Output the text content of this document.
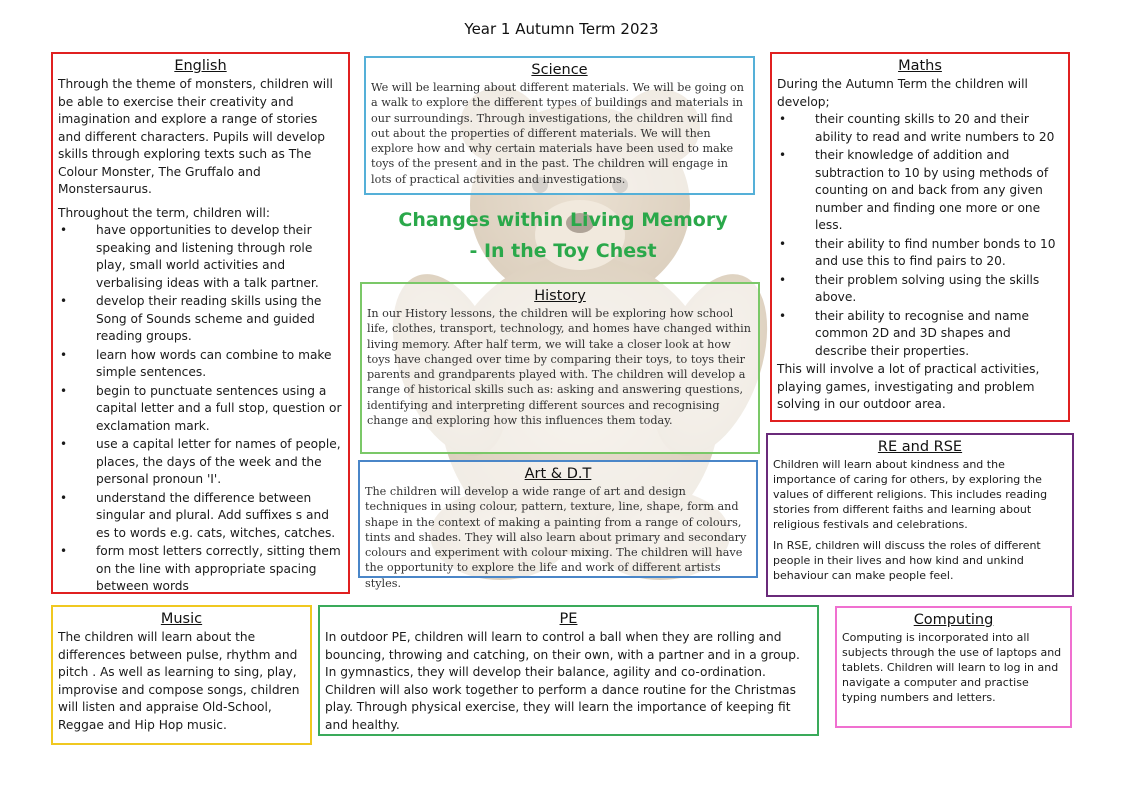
Year 1 Autumn Term 2023
English
Through the theme of monsters, children will be able to exercise their creativity and imagination and explore a range of stories and different characters. Pupils will develop skills through exploring texts such as The Colour Monster, The Gruffalo and Monstersaurus.
Throughout the term, children will:
• have opportunities to develop their speaking and listening through role play, small world activities and verbalising ideas with a talk partner.
• develop their reading skills using the Song of Sounds scheme and guided reading groups.
• learn how words can combine to make simple sentences.
• begin to punctuate sentences using a capital letter and a full stop, question or exclamation mark.
• use a capital letter for names of people, places, the days of the week and the personal pronoun 'I'.
• understand the difference between singular and plural. Add suffixes s and es to words e.g. cats, witches, catches.
• form most letters correctly, sitting them on the line with appropriate spacing between words
Science
We will be learning about different materials. We will be going on a walk to explore the different types of buildings and materials in our surroundings. Through investigations, the children will find out about the properties of different materials. We will then explore how and why certain materials have been used to make toys of the present and in the past. The children will engage in lots of practical activities and investigations.
Changes within Living Memory
- In the Toy Chest
Maths
During the Autumn Term the children will develop;
• their counting skills to 20 and their ability to read and write numbers to 20
• their knowledge of addition and subtraction to 10 by using methods of counting on and back from any given number and finding one more or one less.
• their ability to find number bonds to 10 and use this to find pairs to 20.
• their problem solving using the skills above.
• their ability to recognise and name common 2D and 3D shapes and describe their properties.
This will involve a lot of practical activities, playing games, investigating and problem solving in our outdoor area.
History
In our History lessons, the children will be exploring how school life, clothes, transport, technology, and homes have changed within living memory. After half term, we will take a closer look at how toys have changed over time by comparing their toys, to toys their parents and grandparents played with. The children will develop a range of historical skills such as: asking and answering questions, identifying and interpreting different sources and recognising change and exploring how this influences them today.
Art & D.T
The children will develop a wide range of art and design techniques in using colour, pattern, texture, line, shape, form and shape in the context of making a painting from a range of colours, tints and shades. They will also learn about primary and secondary colours and experiment with colour mixing. The children will have the opportunity to explore the life and work of different artists styles.
RE and RSE
Children will learn about kindness and the importance of caring for others, by exploring the values of different religions. This includes reading stories from different faiths and learning about religious festivals and celebrations.
In RSE, children will discuss the roles of different people in their lives and how kind and unkind behaviour can make people feel.
Music
The children will learn about the differences between pulse, rhythm and pitch . As well as learning to sing, play, improvise and compose songs, children will listen and appraise Old-School, Reggae and Hip Hop music.
PE
In outdoor PE, children will learn to control a ball when they are rolling and bouncing, throwing and catching, on their own, with a partner and in a group. In gymnastics, they will develop their balance, agility and co-ordination. Children will also work together to perform a dance routine for the Christmas play. Through physical exercise, they will learn the importance of keeping fit and healthy.
Computing
Computing is incorporated into all subjects through the use of laptops and tablets. Children will learn to log in and navigate a computer and practise typing numbers and letters.
